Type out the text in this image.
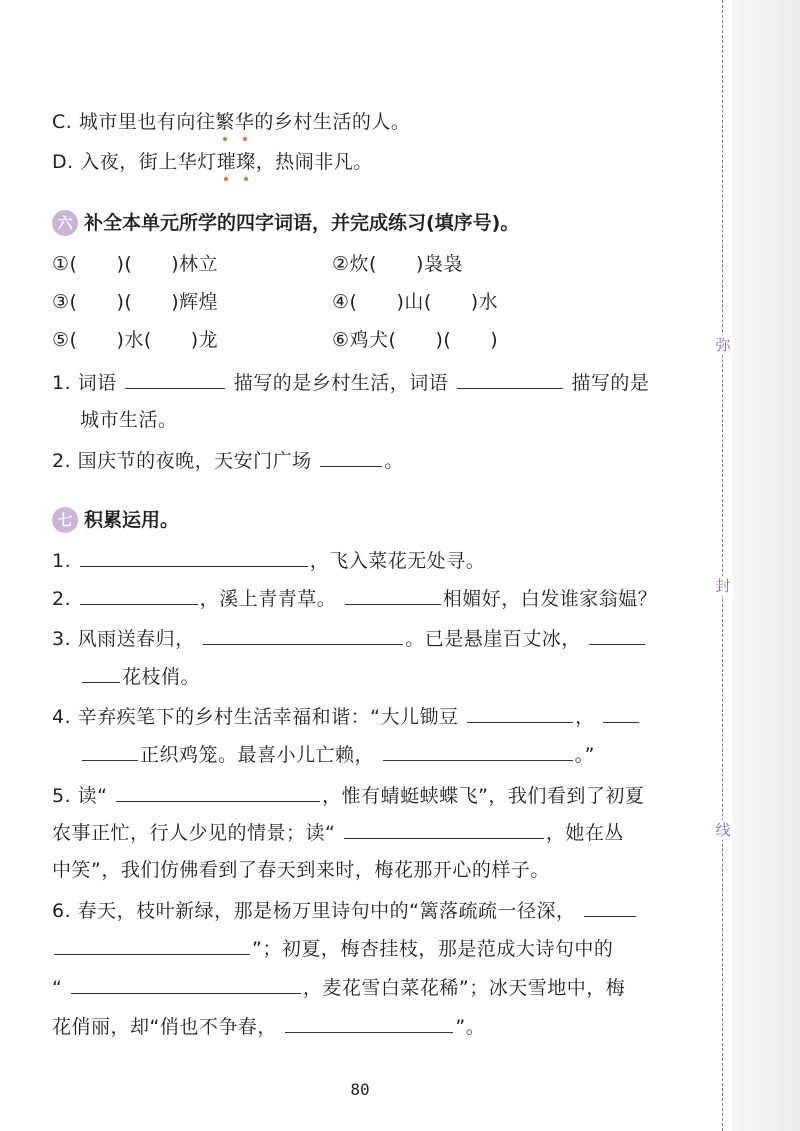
C. 城市里也有向往繁华的乡村生活的人。
D. 入夜，街上华灯璀璨，热闹非凡。
六 补全本单元所学的四字词语，并完成练习(填序号)。
①(　　)(　　)林立	②炊(　　)袅袅
③(　　)(　　)辉煌	④(　　)山(　　)水
⑤(　　)水(　　)龙	⑥鸡犬(　　)(　　)
1. 词语	描写的是乡村生活，词语	描写的是
城市生活。
2. 国庆节的夜晚，天安门广场	。
七 积累运用。
1.	，飞入菜花无处寻。
2.	，溪上青青草。	相媚好，白发谁家翁媪？
3. 风雨送春归，	。已是悬崖百丈冰，
花枝俏。
4. 辛弃疾笔下的乡村生活幸福和谐：“大儿锄豆	，
正织鸡笼。最喜小儿亡赖，	。”
5. 读“	，惟有蜻蜓蛱蝶飞”，我们看到了初夏
农事正忙，行人少见的情景；读“	，她在丛
中笑”，我们仿佛看到了春天到来时，梅花那开心的样子。
6. 春天，枝叶新绿，那是杨万里诗句中的“篱落疏疏一径深，
”；初夏，梅杏挂枝，那是范成大诗句中的
“	，麦花雪白菜花稀”；冰天雪地中，梅
花俏丽，却“俏也不争春，	”。
80
弥
封
线
